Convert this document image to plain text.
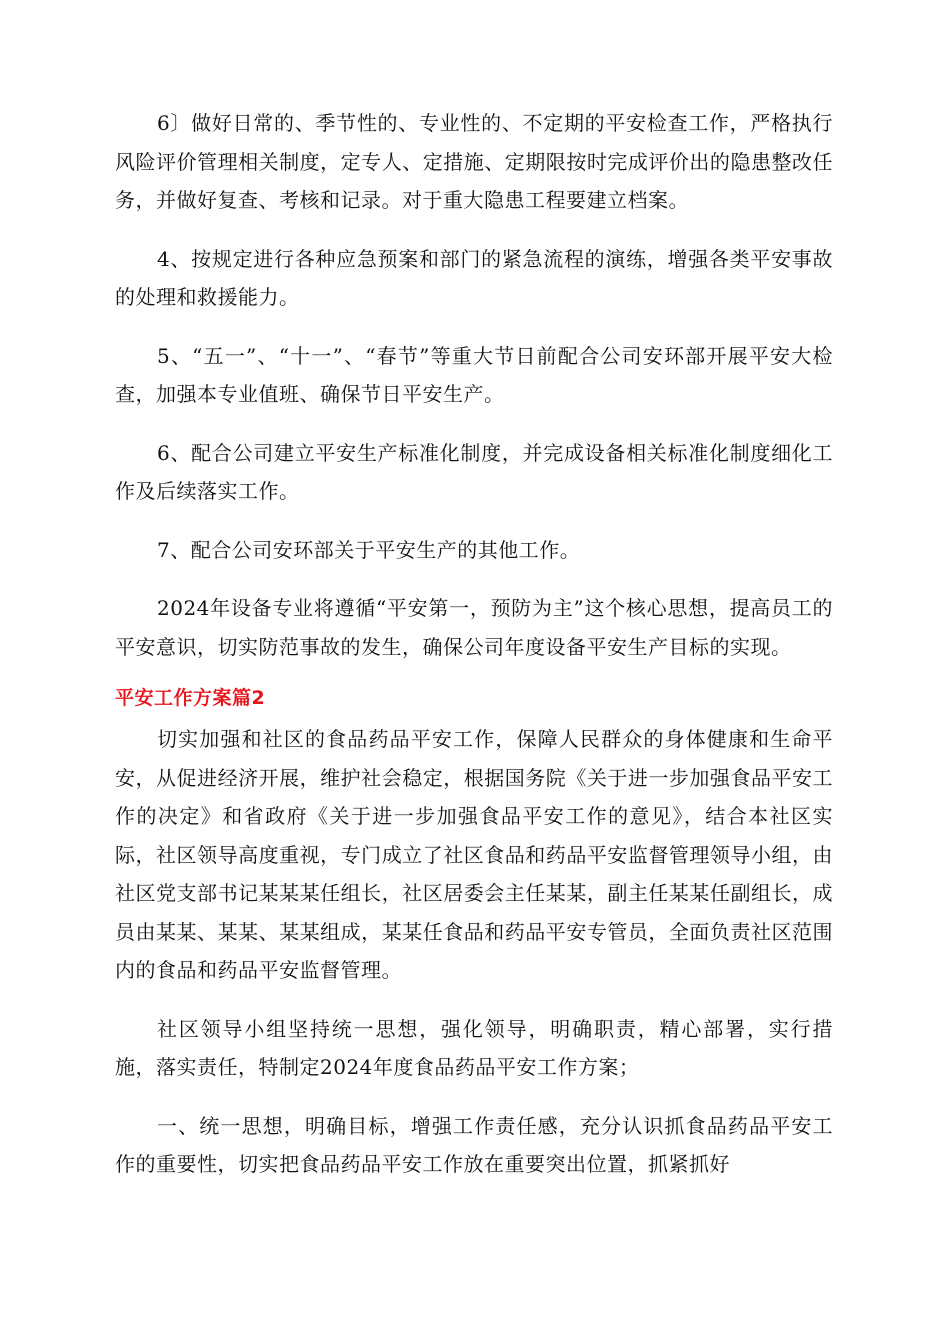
6〕做好日常的、季节性的、专业性的、不定期的平安检查工作，严格执行风险评价管理相关制度，定专人、定措施、定期限按时完成评价出的隐患整改任务，并做好复查、考核和记录。对于重大隐患工程要建立档案。

4、按规定进行各种应急预案和部门的紧急流程的演练，增强各类平安事故的处理和救援能力。

5、“五一”、“十一”、“春节”等重大节日前配合公司安环部开展平安大检查，加强本专业值班、确保节日平安生产。

6、配合公司建立平安生产标准化制度，并完成设备相关标准化制度细化工作及后续落实工作。

7、配合公司安环部关于平安生产的其他工作。

2024年设备专业将遵循“平安第一，预防为主”这个核心思想，提高员工的平安意识，切实防范事故的发生，确保公司年度设备平安生产目标的实现。

平安工作方案篇2

切实加强和社区的食品药品平安工作，保障人民群众的身体健康和生命平安，从促进经济开展，维护社会稳定，根据国务院《关于进一步加强食品平安工作的决定》和省政府《关于进一步加强食品平安工作的意见》，结合本社区实际，社区领导高度重视，专门成立了社区食品和药品平安监督管理领导小组，由社区党支部书记某某某任组长，社区居委会主任某某，副主任某某任副组长，成员由某某、某某、某某组成，某某任食品和药品平安专管员，全面负责社区范围内的食品和药品平安监督管理。

社区领导小组坚持统一思想，强化领导，明确职责，精心部署，实行措施，落实责任，特制定2024年度食品药品平安工作方案；

一、统一思想，明确目标，增强工作责任感，充分认识抓食品药品平安工作的重要性，切实把食品药品平安工作放在重要突出位置，抓紧抓好
